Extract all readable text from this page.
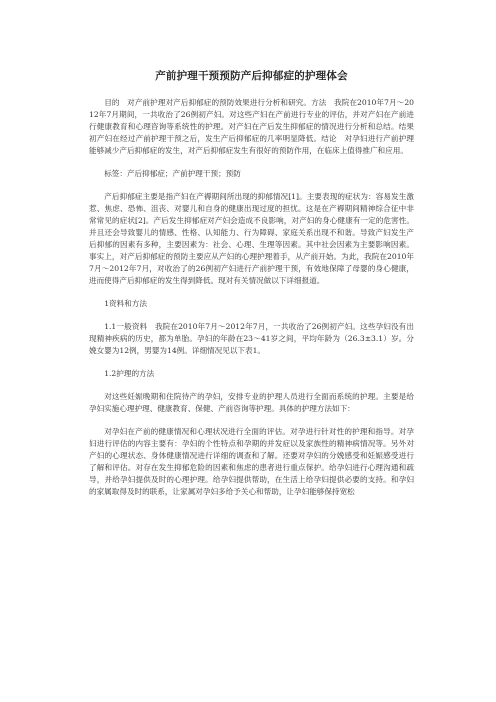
产前护理干预预防产后抑郁症的护理体会

目的　对产前护理对产后抑郁症的预防效果进行分析和研究。方法　我院在2010年7月～2012年7月期间，一共收治了26例初产妇。对这些产妇在产前进行专业的评估，并对产妇在产前进行健康教育和心理咨询等系统性的护理。对产妇在产后发生抑郁症的情况进行分析和总结。结果　初产妇在经过产前护理干预之后，发生产后抑郁症的几率明显降低。结论　对孕妇进行产前护理能够减少产后抑郁症的发生，对产后抑郁症发生有很好的预防作用，在临床上值得推广和应用。

标签：产后抑郁症；产前护理干预；预防

产后抑郁症主要是指产妇在产褥期间所出现的抑郁情况[1]。主要表现的症状为：容易发生激惹、焦虑、恐怖、沮丧、对婴儿和自身的健康出现过度的担忧。这是在产褥期间精神综合征中非常常见的症状[2]。产后发生抑郁症对产妇会造成不良影响，对产妇的身心健康有一定的危害性。并且还会导致婴儿的情感、性格、认知能力、行为障碍、家庭关系出现不和谐。导致产妇发生产后抑郁的因素有多种，主要因素为：社会、心理、生理等因素。其中社会因素为主要影响因素。事实上，对产后抑郁症的预防主要应从产妇的心理护理着手，从产前开始。为此，我院在2010年7月～2012年7月，对收治了的26例初产妇进行产前护理干预，有效地保障了母婴的身心健康，进而使得产后抑郁症的发生得到降低。现对有关情况做以下详细报道。

1资料和方法

1.1一般资料　我院在2010年7月～2012年7月，一共收治了26例初产妇。这些孕妇没有出现精神疾病的历史，都为单胎。孕妇的年龄在23～41岁之间，平均年龄为（26.3±3.1）岁。分娩女婴为12例，男婴为14例。详细情况见以下表1。

1.2护理的方法

对这些妊娠晚期和住院待产的孕妇，安排专业的护理人员进行全面而系统的护理。主要是给孕妇实施心理护理、健康教育、保健、产前咨询等护理。具体的护理方法如下：

对孕妇在产前的健康情况和心理状况进行全面的评估。对孕进行针对性的护理和指导。对孕妇进行评估的内容主要有：孕妇的个性特点和孕期的并发症以及家族性的精神病情况等。另外对产妇的心理状态、身体健康情况进行详细的调查和了解。还要对孕妇的分娩感受和妊娠感受进行了解和评估。对存在发生抑郁危险的因素和焦虑的患者进行重点保护。给孕妇进行心理沟通和疏导，并给孕妇提供及时的心理护理。给孕妇提供帮助，在生活上给孕妇提供必要的支持。和孕妇的家属取得及时的联系，让家属对孕妇多给予关心和帮助，让孕妇能够保持宽松
